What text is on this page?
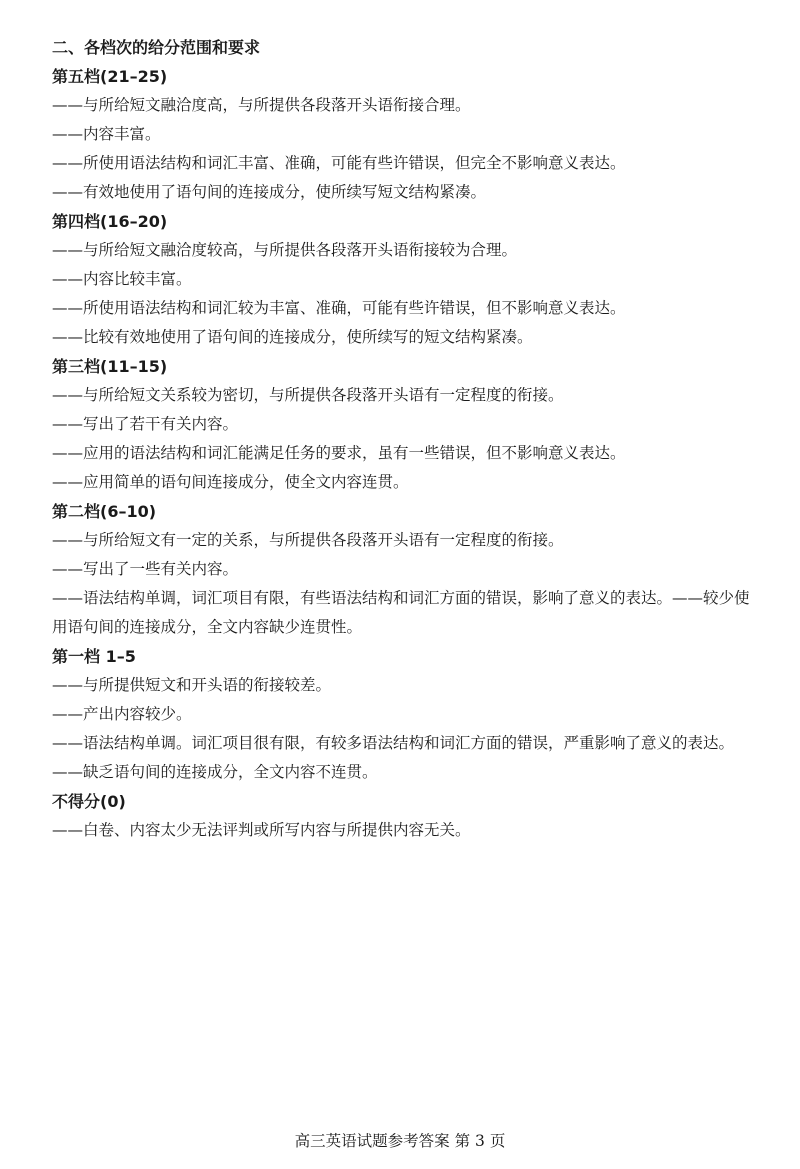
二、各档次的给分范围和要求
第五档(21–25)

——与所给短文融洽度高，与所提供各段落开头语衔接合理。

——内容丰富。

——所使用语法结构和词汇丰富、准确，可能有些许错误，但完全不影响意义表达。

——有效地使用了语句间的连接成分，使所续写短文结构紧凑。

第四档(16–20)

——与所给短文融洽度较高，与所提供各段落开头语衔接较为合理。

——内容比较丰富。

——所使用语法结构和词汇较为丰富、准确，可能有些许错误，但不影响意义表达。

——比较有效地使用了语句间的连接成分，使所续写的短文结构紧凑。

第三档(11–15)

——与所给短文关系较为密切，与所提供各段落开头语有一定程度的衔接。

——写出了若干有关内容。

——应用的语法结构和词汇能满足任务的要求，虽有一些错误，但不影响意义表达。

——应用简单的语句间连接成分，使全文内容连贯。

第二档(6–10)

——与所给短文有一定的关系，与所提供各段落开头语有一定程度的衔接。

——写出了一些有关内容。

——语法结构单调，词汇项目有限，有些语法结构和词汇方面的错误，影响了意义的表达。——较少使用语句间的连接成分，全文内容缺少连贯性。

第一档 1–5

——与所提供短文和开头语的衔接较差。

——产出内容较少。

——语法结构单调。词汇项目很有限，有较多语法结构和词汇方面的错误，严重影响了意义的表达。

——缺乏语句间的连接成分，全文内容不连贯。

不得分(0)

——白卷、内容太少无法评判或所写内容与所提供内容无关。

高三英语试题参考答案 第 3 页
